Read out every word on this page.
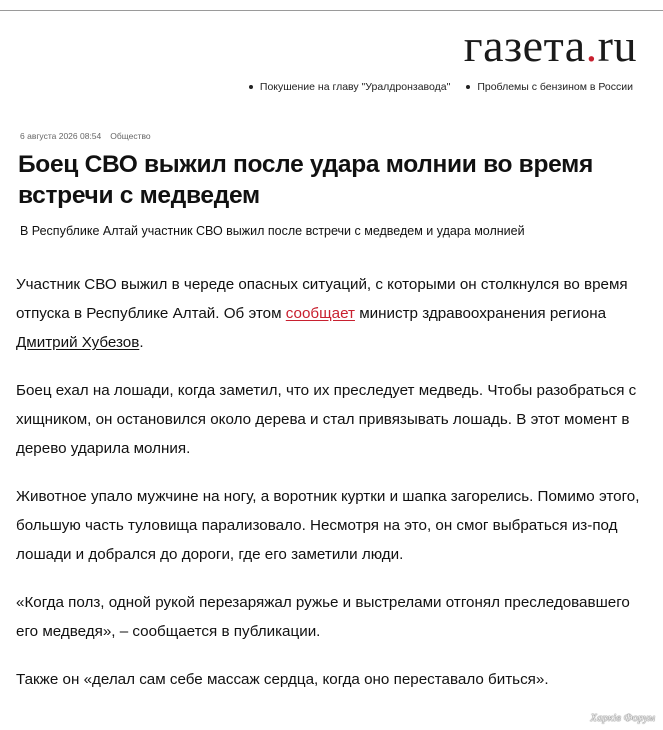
газета.ru
Покушение на главу "Уралдронзавода"	Проблемы с бензином в России
6 августа 2026 08:54 Общество
Боец СВО выжил после удара молнии во время встречи с медведем
В Республике Алтай участник СВО выжил после встречи с медведем и удара молнией

Участник СВО выжил в череде опасных ситуаций, с которыми он столкнулся во время отпуска в Республике Алтай. Об этом сообщает министр здравоохранения региона Дмитрий Хубезов.

Боец ехал на лошади, когда заметил, что их преследует медведь. Чтобы разобраться с хищником, он остановился около дерева и стал привязывать лошадь. В этот момент в дерево ударила молния.

Животное упало мужчине на ногу, а воротник куртки и шапка загорелись. Помимо этого, большую часть туловища парализовало. Несмотря на это, он смог выбраться из-под лошади и добрался до дороги, где его заметили люди.

«Когда полз, одной рукой перезаряжал ружье и выстрелами отгонял преследовавшего его медведя», – сообщается в публикации.

Также он «делал сам себе массаж сердца, когда оно переставало биться».

Харків Форум
